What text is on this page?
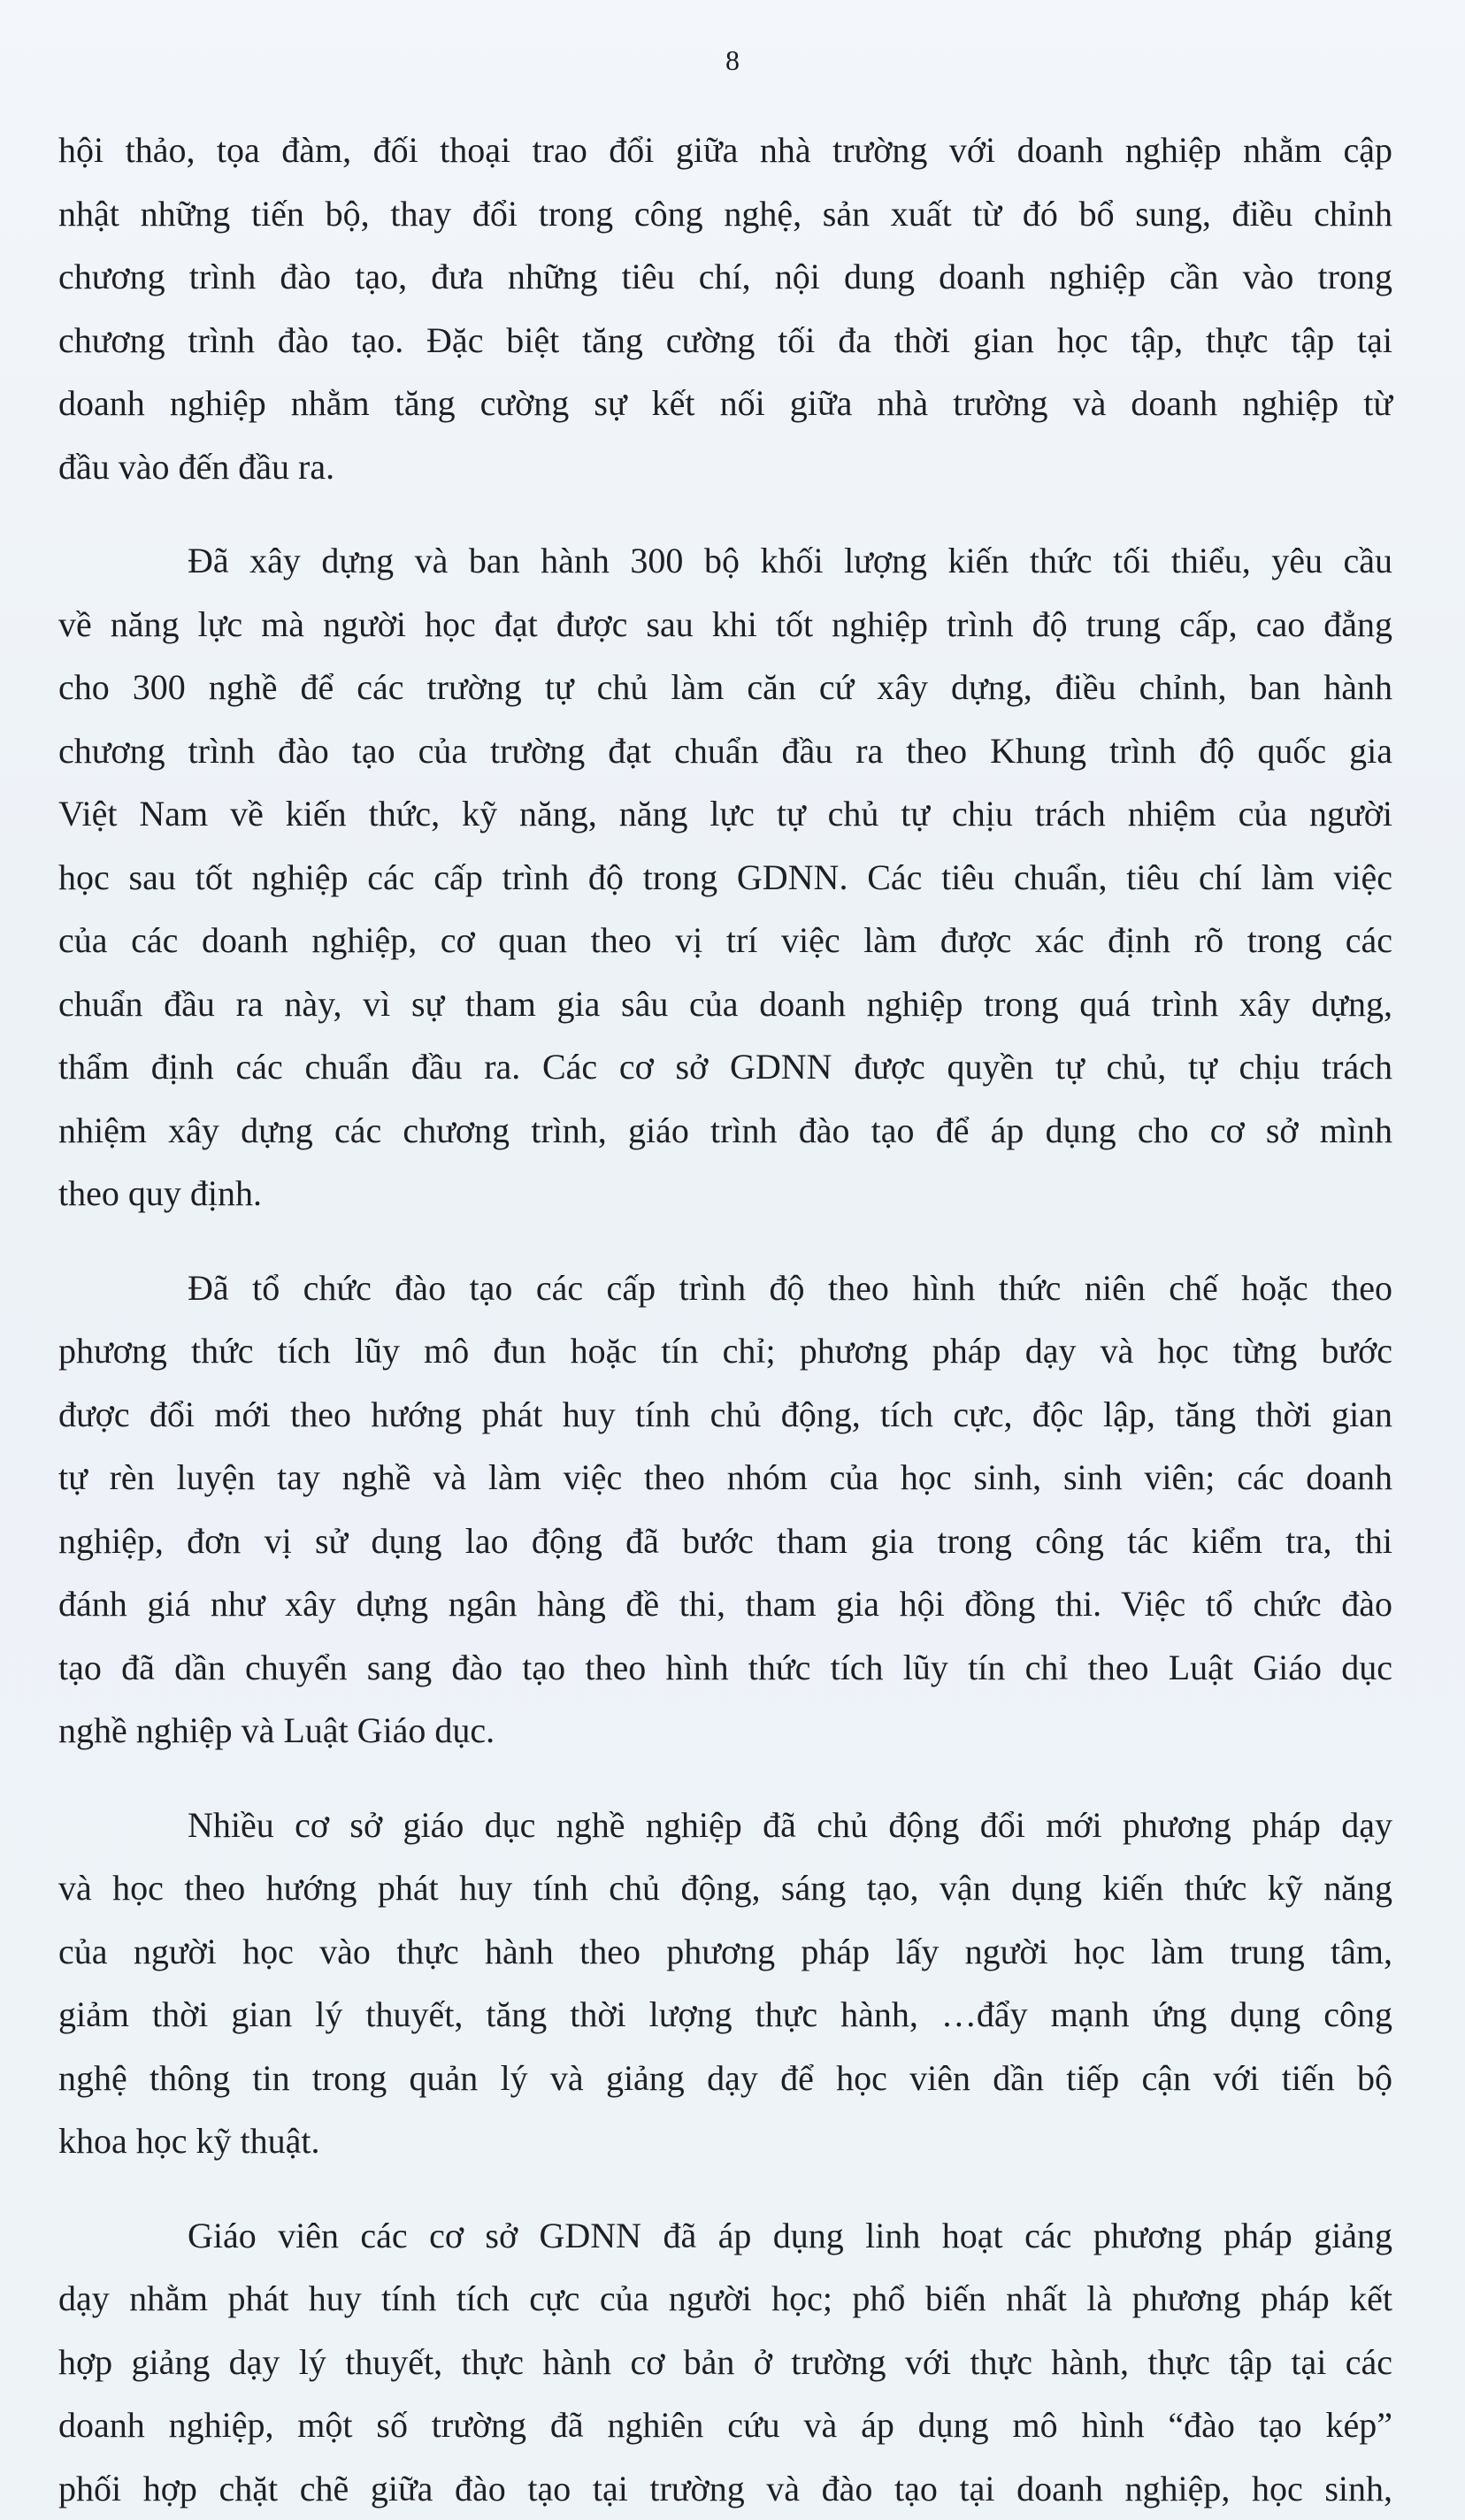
8

hội thảo, tọa đàm, đối thoại trao đổi giữa nhà trường với doanh nghiệp nhằm cập

nhật những tiến bộ, thay đổi trong công nghệ, sản xuất từ đó bổ sung, điều chỉnh

chương trình đào tạo, đưa những tiêu chí, nội dung doanh nghiệp cần vào trong

chương trình đào tạo. Đặc biệt tăng cường tối đa thời gian học tập, thực tập tại

doanh nghiệp nhằm tăng cường sự kết nối giữa nhà trường và doanh nghiệp từ

đầu vào đến đầu ra.

Đã xây dựng và ban hành 300 bộ khối lượng kiến thức tối thiểu, yêu cầu

về năng lực mà người học đạt được sau khi tốt nghiệp trình độ trung cấp, cao đẳng

cho 300 nghề để các trường tự chủ làm căn cứ xây dựng, điều chỉnh, ban hành

chương trình đào tạo của trường đạt chuẩn đầu ra theo Khung trình độ quốc gia

Việt Nam về kiến thức, kỹ năng, năng lực tự chủ tự chịu trách nhiệm của người

học sau tốt nghiệp các cấp trình độ trong GDNN. Các tiêu chuẩn, tiêu chí làm việc

của các doanh nghiệp, cơ quan theo vị trí việc làm được xác định rõ trong các

chuẩn đầu ra này, vì sự tham gia sâu của doanh nghiệp trong quá trình xây dựng,

thẩm định các chuẩn đầu ra. Các cơ sở GDNN được quyền tự chủ, tự chịu trách

nhiệm xây dựng các chương trình, giáo trình đào tạo để áp dụng cho cơ sở mình

theo quy định.

Đã tổ chức đào tạo các cấp trình độ theo hình thức niên chế hoặc theo

phương thức tích lũy mô đun hoặc tín chỉ; phương pháp dạy và học từng bước

được đổi mới theo hướng phát huy tính chủ động, tích cực, độc lập, tăng thời gian

tự rèn luyện tay nghề và làm việc theo nhóm của học sinh, sinh viên; các doanh

nghiệp, đơn vị sử dụng lao động đã bước tham gia trong công tác kiểm tra, thi

đánh giá như xây dựng ngân hàng đề thi, tham gia hội đồng thi. Việc tổ chức đào

tạo đã dần chuyển sang đào tạo theo hình thức tích lũy tín chỉ theo Luật Giáo dục

nghề nghiệp và Luật Giáo dục.

Nhiều cơ sở giáo dục nghề nghiệp đã chủ động đổi mới phương pháp dạy

và học theo hướng phát huy tính chủ động, sáng tạo, vận dụng kiến thức kỹ năng

của người học vào thực hành theo phương pháp lấy người học làm trung tâm,

giảm thời gian lý thuyết, tăng thời lượng thực hành, …đẩy mạnh ứng dụng công

nghệ thông tin trong quản lý và giảng dạy để học viên dần tiếp cận với tiến bộ

khoa học kỹ thuật.

Giáo viên các cơ sở GDNN đã áp dụng linh hoạt các phương pháp giảng

dạy nhằm phát huy tính tích cực của người học; phổ biến nhất là phương pháp kết

hợp giảng dạy lý thuyết, thực hành cơ bản ở trường với thực hành, thực tập tại các

doanh nghiệp, một số trường đã nghiên cứu và áp dụng mô hình “đào tạo kép”

phối hợp chặt chẽ giữa đào tạo tại trường và đào tạo tại doanh nghiệp, học sinh,
